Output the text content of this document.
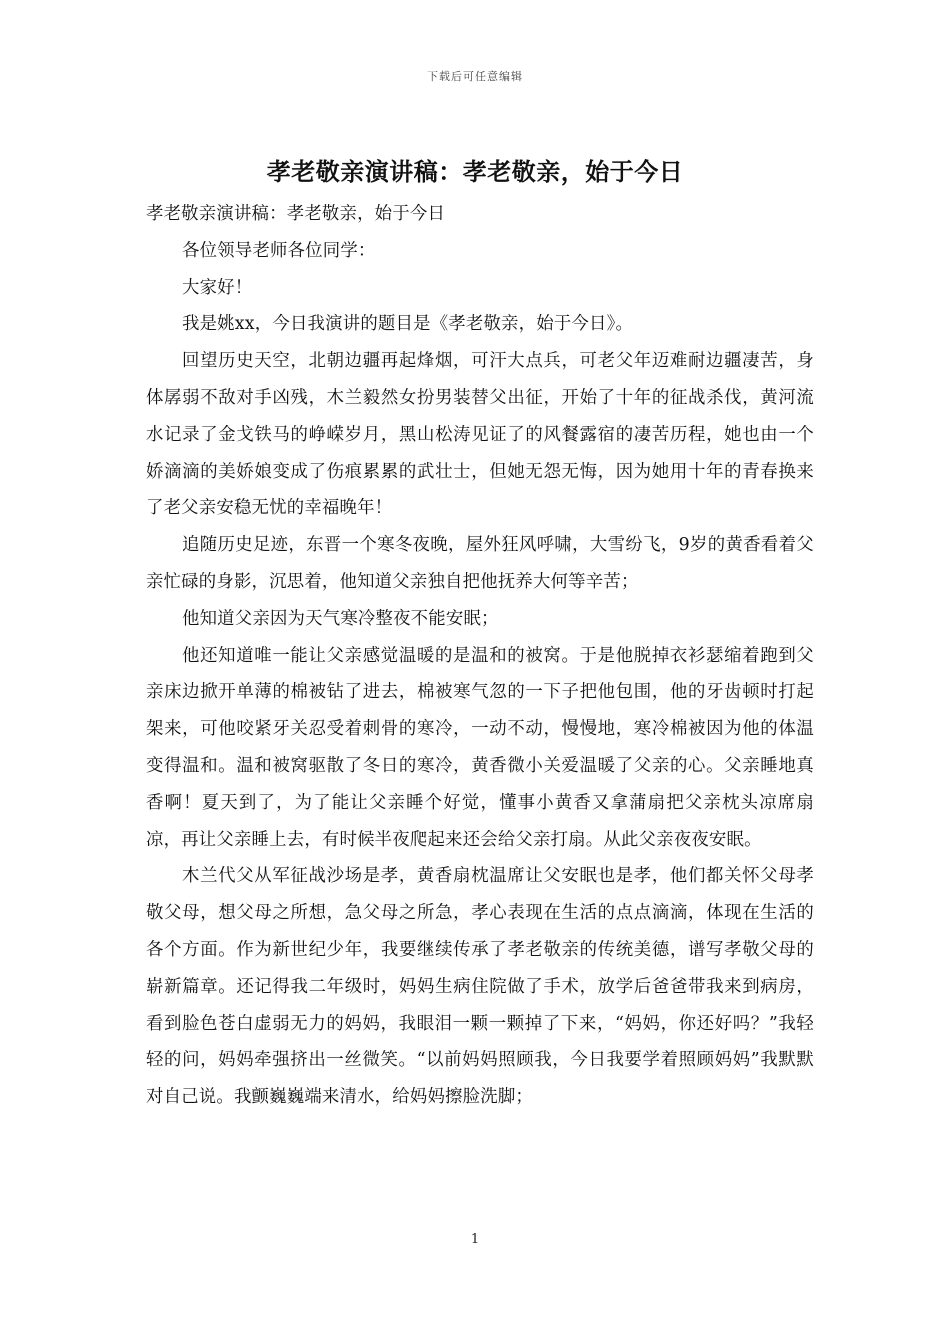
下载后可任意编辑
孝老敬亲演讲稿：孝老敬亲，始于今日

孝老敬亲演讲稿：孝老敬亲，始于今日

各位领导老师各位同学：

大家好！

我是姚xx，今日我演讲的题目是《孝老敬亲，始于今日》。

回望历史天空，北朝边疆再起烽烟，可汗大点兵，可老父年迈难耐边疆凄苦，身体孱弱不敌对手凶残，木兰毅然女扮男装替父出征，开始了十年的征战杀伐，黄河流水记录了金戈铁马的峥嵘岁月，黑山松涛见证了的风餐露宿的凄苦历程，她也由一个娇滴滴的美娇娘变成了伤痕累累的武壮士，但她无怨无悔，因为她用十年的青春换来了老父亲安稳无忧的幸福晚年！

追随历史足迹，东晋一个寒冬夜晚，屋外狂风呼啸，大雪纷飞，9岁的黄香看着父亲忙碌的身影，沉思着，他知道父亲独自把他抚养大何等辛苦；

他知道父亲因为天气寒冷整夜不能安眠；

他还知道唯一能让父亲感觉温暖的是温和的被窝。于是他脱掉衣衫瑟缩着跑到父亲床边掀开单薄的棉被钻了进去，棉被寒气忽的一下子把他包围，他的牙齿顿时打起架来，可他咬紧牙关忍受着刺骨的寒冷，一动不动，慢慢地，寒冷棉被因为他的体温变得温和。温和被窝驱散了冬日的寒冷，黄香微小关爱温暖了父亲的心。父亲睡地真香啊！夏天到了，为了能让父亲睡个好觉，懂事小黄香又拿蒲扇把父亲枕头凉席扇凉，再让父亲睡上去，有时候半夜爬起来还会给父亲打扇。从此父亲夜夜安眠。

木兰代父从军征战沙场是孝，黄香扇枕温席让父安眠也是孝，他们都关怀父母孝敬父母，想父母之所想，急父母之所急，孝心表现在生活的点点滴滴，体现在生活的各个方面。作为新世纪少年，我要继续传承了孝老敬亲的传统美德，谱写孝敬父母的崭新篇章。还记得我二年级时，妈妈生病住院做了手术，放学后爸爸带我来到病房，看到脸色苍白虚弱无力的妈妈，我眼泪一颗一颗掉了下来，“妈妈，你还好吗？”我轻轻的问，妈妈牵强挤出一丝微笑。“以前妈妈照顾我，今日我要学着照顾妈妈”我默默对自己说。我颤巍巍端来清水，给妈妈擦脸洗脚；

1
